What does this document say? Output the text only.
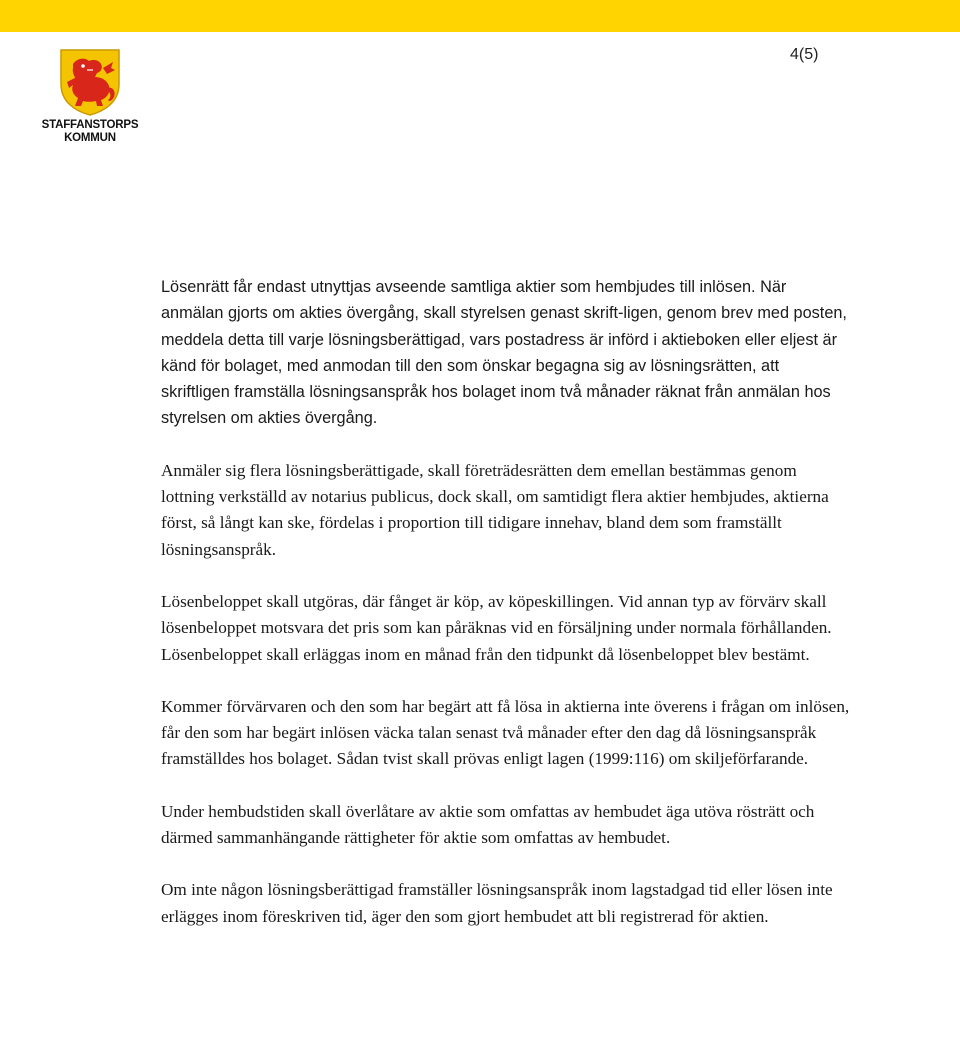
4(5)
STAFFANSTORPS
KOMMUN

Lösenrätt får endast utnyttjas avseende samtliga aktier som hembjudes till inlösen. När anmälan gjorts om akties övergång, skall styrelsen genast skrift-ligen, genom brev med posten, meddela detta till varje lösningsberättigad, vars postadress är införd i aktieboken eller eljest är känd för bolaget, med anmodan till den som önskar begagna sig av lösningsrätten, att skriftligen framställa lösningsanspråk hos bolaget inom två månader räknat från anmälan hos styrelsen om akties övergång.

Anmäler sig flera lösningsberättigade, skall företrädesrätten dem emellan bestämmas genom lottning verkställd av notarius publicus, dock skall, om samtidigt flera aktier hembjudes, aktierna först, så långt kan ske, fördelas i proportion till tidigare innehav, bland dem som framställt lösningsanspråk.

Lösenbeloppet skall utgöras, där fånget är köp, av köpeskillingen. Vid annan typ av förvärv skall lösenbeloppet motsvara det pris som kan påräknas vid en försäljning under normala förhållanden. Lösenbeloppet skall erläggas inom en månad från den tidpunkt då lösenbeloppet blev bestämt.

Kommer förvärvaren och den som har begärt att få lösa in aktierna inte överens i frågan om inlösen, får den som har begärt inlösen väcka talan senast två månader efter den dag då lösningsanspråk framställdes hos bolaget. Sådan tvist skall prövas enligt lagen (1999:116) om skiljeförfarande.

Under hembudstiden skall överlåtare av aktie som omfattas av hembudet äga utöva rösträtt och därmed sammanhängande rättigheter för aktie som omfattas av hembudet.

Om inte någon lösningsberättigad framställer lösningsanspråk inom lagstadgad tid eller lösen inte erlägges inom föreskriven tid, äger den som gjort hembudet att bli registrerad för aktien.
